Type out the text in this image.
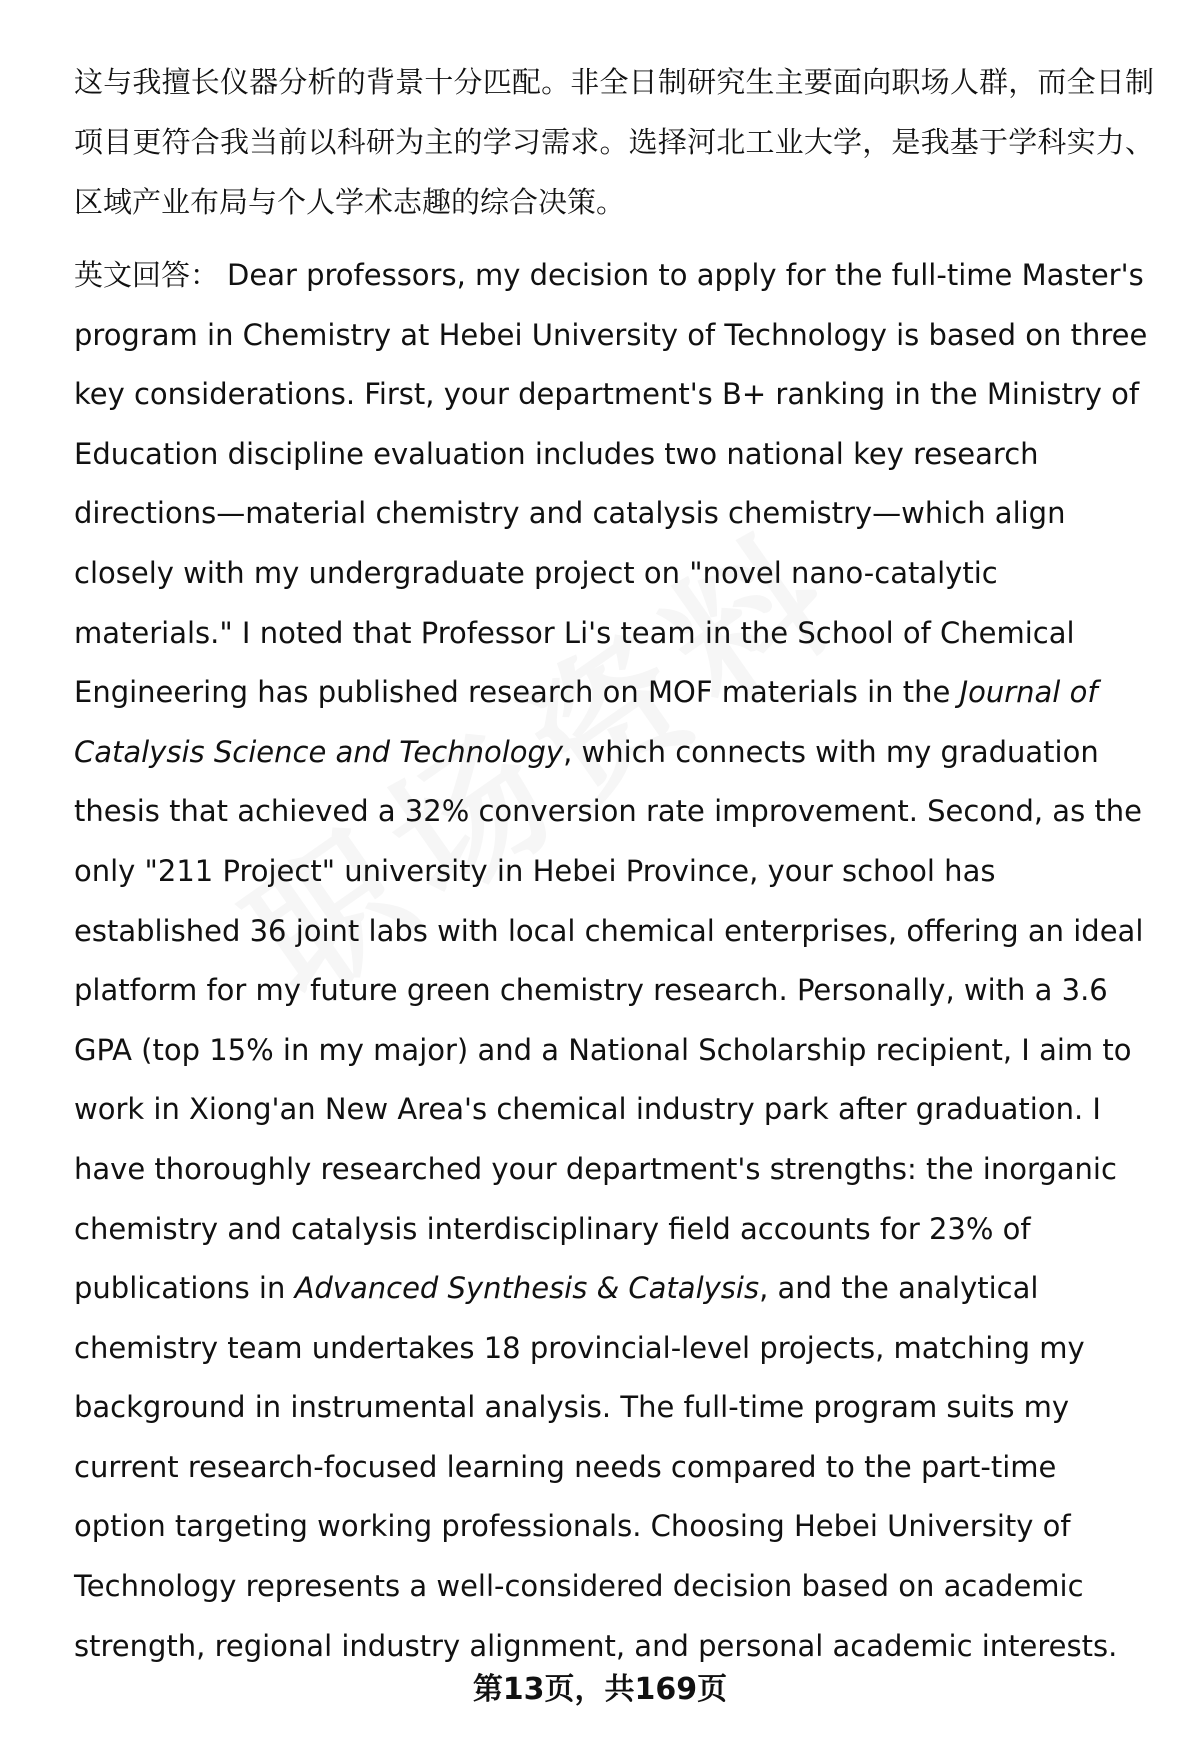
这与我擅长仪器分析的背景十分匹配。非全日制研究生主要面向职场人群，而全日制项目更符合我当前以科研为主的学习需求。选择河北工业大学，是我基于学科实力、区域产业布局与个人学术志趣的综合决策。

英文回答： Dear professors, my decision to apply for the full-time Master's program in Chemistry at Hebei University of Technology is based on three key considerations. First, your department's B+ ranking in the Ministry of Education discipline evaluation includes two national key research directions—material chemistry and catalysis chemistry—which align closely with my undergraduate project on "novel nano-catalytic materials." I noted that Professor Li's team in the School of Chemical Engineering has published research on MOF materials in the Journal of Catalysis Science and Technology, which connects with my graduation thesis that achieved a 32% conversion rate improvement. Second, as the only "211 Project" university in Hebei Province, your school has established 36 joint labs with local chemical enterprises, offering an ideal platform for my future green chemistry research. Personally, with a 3.6 GPA (top 15% in my major) and a National Scholarship recipient, I aim to work in Xiong'an New Area's chemical industry park after graduation. I have thoroughly researched your department's strengths: the inorganic chemistry and catalysis interdisciplinary field accounts for 23% of publications in Advanced Synthesis & Catalysis, and the analytical chemistry team undertakes 18 provincial-level projects, matching my background in instrumental analysis. The full-time program suits my current research-focused learning needs compared to the part-time option targeting working professionals. Choosing Hebei University of Technology represents a well-considered decision based on academic strength, regional industry alignment, and personal academic interests.

第13页，共169页
